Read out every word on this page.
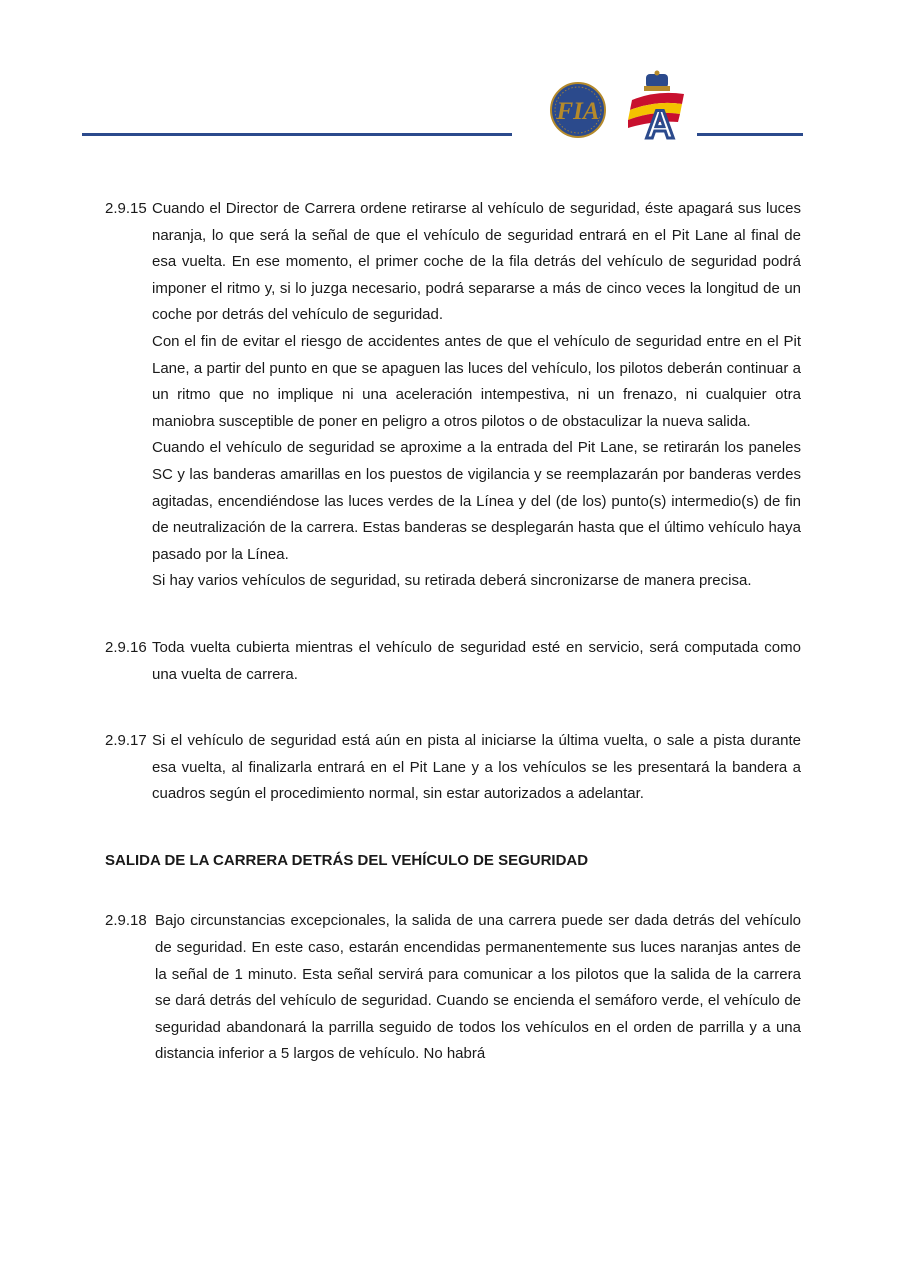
FIA A
2.9.15 Cuando el Director de Carrera ordene retirarse al vehículo de seguridad, éste apagará sus luces naranja, lo que será la señal de que el vehículo de seguridad entrará en el Pit Lane al final de esa vuelta. En ese momento, el primer coche de la fila detrás del vehículo de seguridad podrá imponer el ritmo y, si lo juzga necesario, podrá separarse a más de cinco veces la longitud de un coche por detrás del vehículo de seguridad.

Con el fin de evitar el riesgo de accidentes antes de que el vehículo de seguridad entre en el Pit Lane, a partir del punto en que se apaguen las luces del vehículo, los pilotos deberán continuar a un ritmo que no implique ni una aceleración intempestiva, ni un frenazo, ni cualquier otra maniobra susceptible de poner en peligro a otros pilotos o de obstaculizar la nueva salida.

Cuando el vehículo de seguridad se aproxime a la entrada del Pit Lane, se retirarán los paneles SC y las banderas amarillas en los puestos de vigilancia y se reemplazarán por banderas verdes agitadas, encendiéndose las luces verdes de la Línea y del (de los) punto(s) intermedio(s) de fin de neutralización de la carrera. Estas banderas se desplegarán hasta que el último vehículo haya pasado por la Línea.

Si hay varios vehículos de seguridad, su retirada deberá sincronizarse de manera precisa.

2.9.16 Toda vuelta cubierta mientras el vehículo de seguridad esté en servicio, será computada como una vuelta de carrera.

2.9.17 Si el vehículo de seguridad está aún en pista al iniciarse la última vuelta, o sale a pista durante esa vuelta, al finalizarla entrará en el Pit Lane y a los vehículos se les presentará la bandera a cuadros según el procedimiento normal, sin estar autorizados a adelantar.

SALIDA DE LA CARRERA DETRÁS DEL VEHÍCULO DE SEGURIDAD

2.9.18 Bajo circunstancias excepcionales, la salida de una carrera puede ser dada detrás del vehículo de seguridad. En este caso, estarán encendidas permanentemente sus luces naranjas antes de la señal de 1 minuto. Esta señal servirá para comunicar a los pilotos que la salida de la carrera se dará detrás del vehículo de seguridad. Cuando se encienda el semáforo verde, el vehículo de seguridad abandonará la parrilla seguido de todos los vehículos en el orden de parrilla y a una distancia inferior a 5 largos de vehículo. No habrá
